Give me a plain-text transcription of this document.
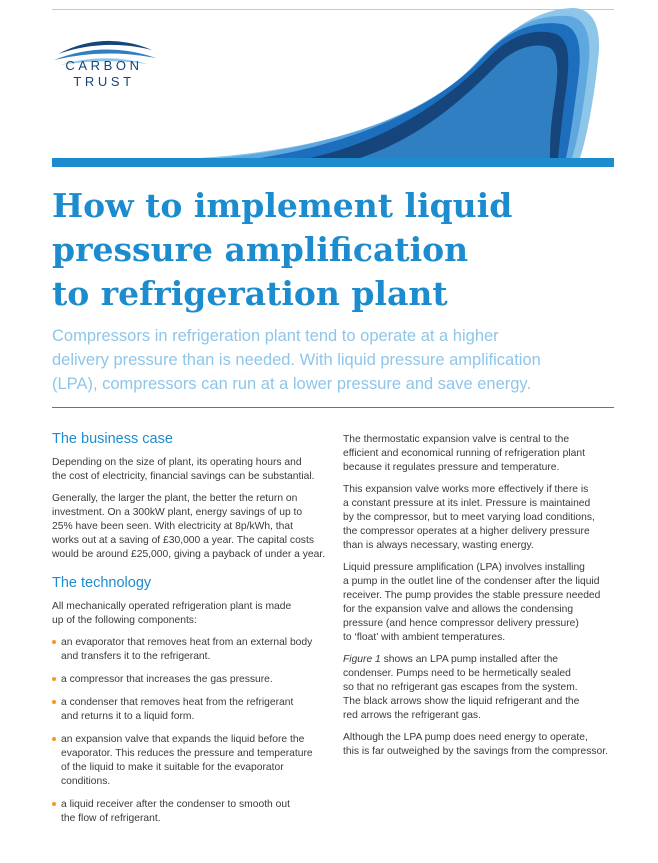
CARBON
TRUST
How to implement liquid
pressure amplification
to refrigeration plant

Compressors in refrigeration plant tend to operate at a higher
delivery pressure than is needed. With liquid pressure amplification
(LPA), compressors can run at a lower pressure and save energy.

The business case

Depending on the size of plant, its operating hours and
the cost of electricity, financial savings can be substantial.

Generally, the larger the plant, the better the return on
investment. On a 300kW plant, energy savings of up to
25% have been seen. With electricity at 8p/kWh, that
works out at a saving of £30,000 a year. The capital costs
would be around £25,000, giving a payback of under a year.

The technology

All mechanically operated refrigeration plant is made
up of the following components:

an evaporator that removes heat from an external body
and transfers it to the refrigerant.
a compressor that increases the gas pressure.
a condenser that removes heat from the refrigerant
and returns it to a liquid form.
an expansion valve that expands the liquid before the
evaporator. This reduces the pressure and temperature
of the liquid to make it suitable for the evaporator
conditions.
a liquid receiver after the condenser to smooth out
the flow of refrigerant.

The thermostatic expansion valve is central to the
efficient and economical running of refrigeration plant
because it regulates pressure and temperature.

This expansion valve works more effectively if there is
a constant pressure at its inlet. Pressure is maintained
by the compressor, but to meet varying load conditions,
the compressor operates at a higher delivery pressure
than is always necessary, wasting energy.

Liquid pressure amplification (LPA) involves installing
a pump in the outlet line of the condenser after the liquid
receiver. The pump provides the stable pressure needed
for the expansion valve and allows the condensing
pressure (and hence compressor delivery pressure)
to ‘float’ with ambient temperatures.

Figure 1 shows an LPA pump installed after the
condenser. Pumps need to be hermetically sealed
so that no refrigerant gas escapes from the system.
The black arrows show the liquid refrigerant and the
red arrows the refrigerant gas.

Although the LPA pump does need energy to operate,
this is far outweighed by the savings from the compressor.
